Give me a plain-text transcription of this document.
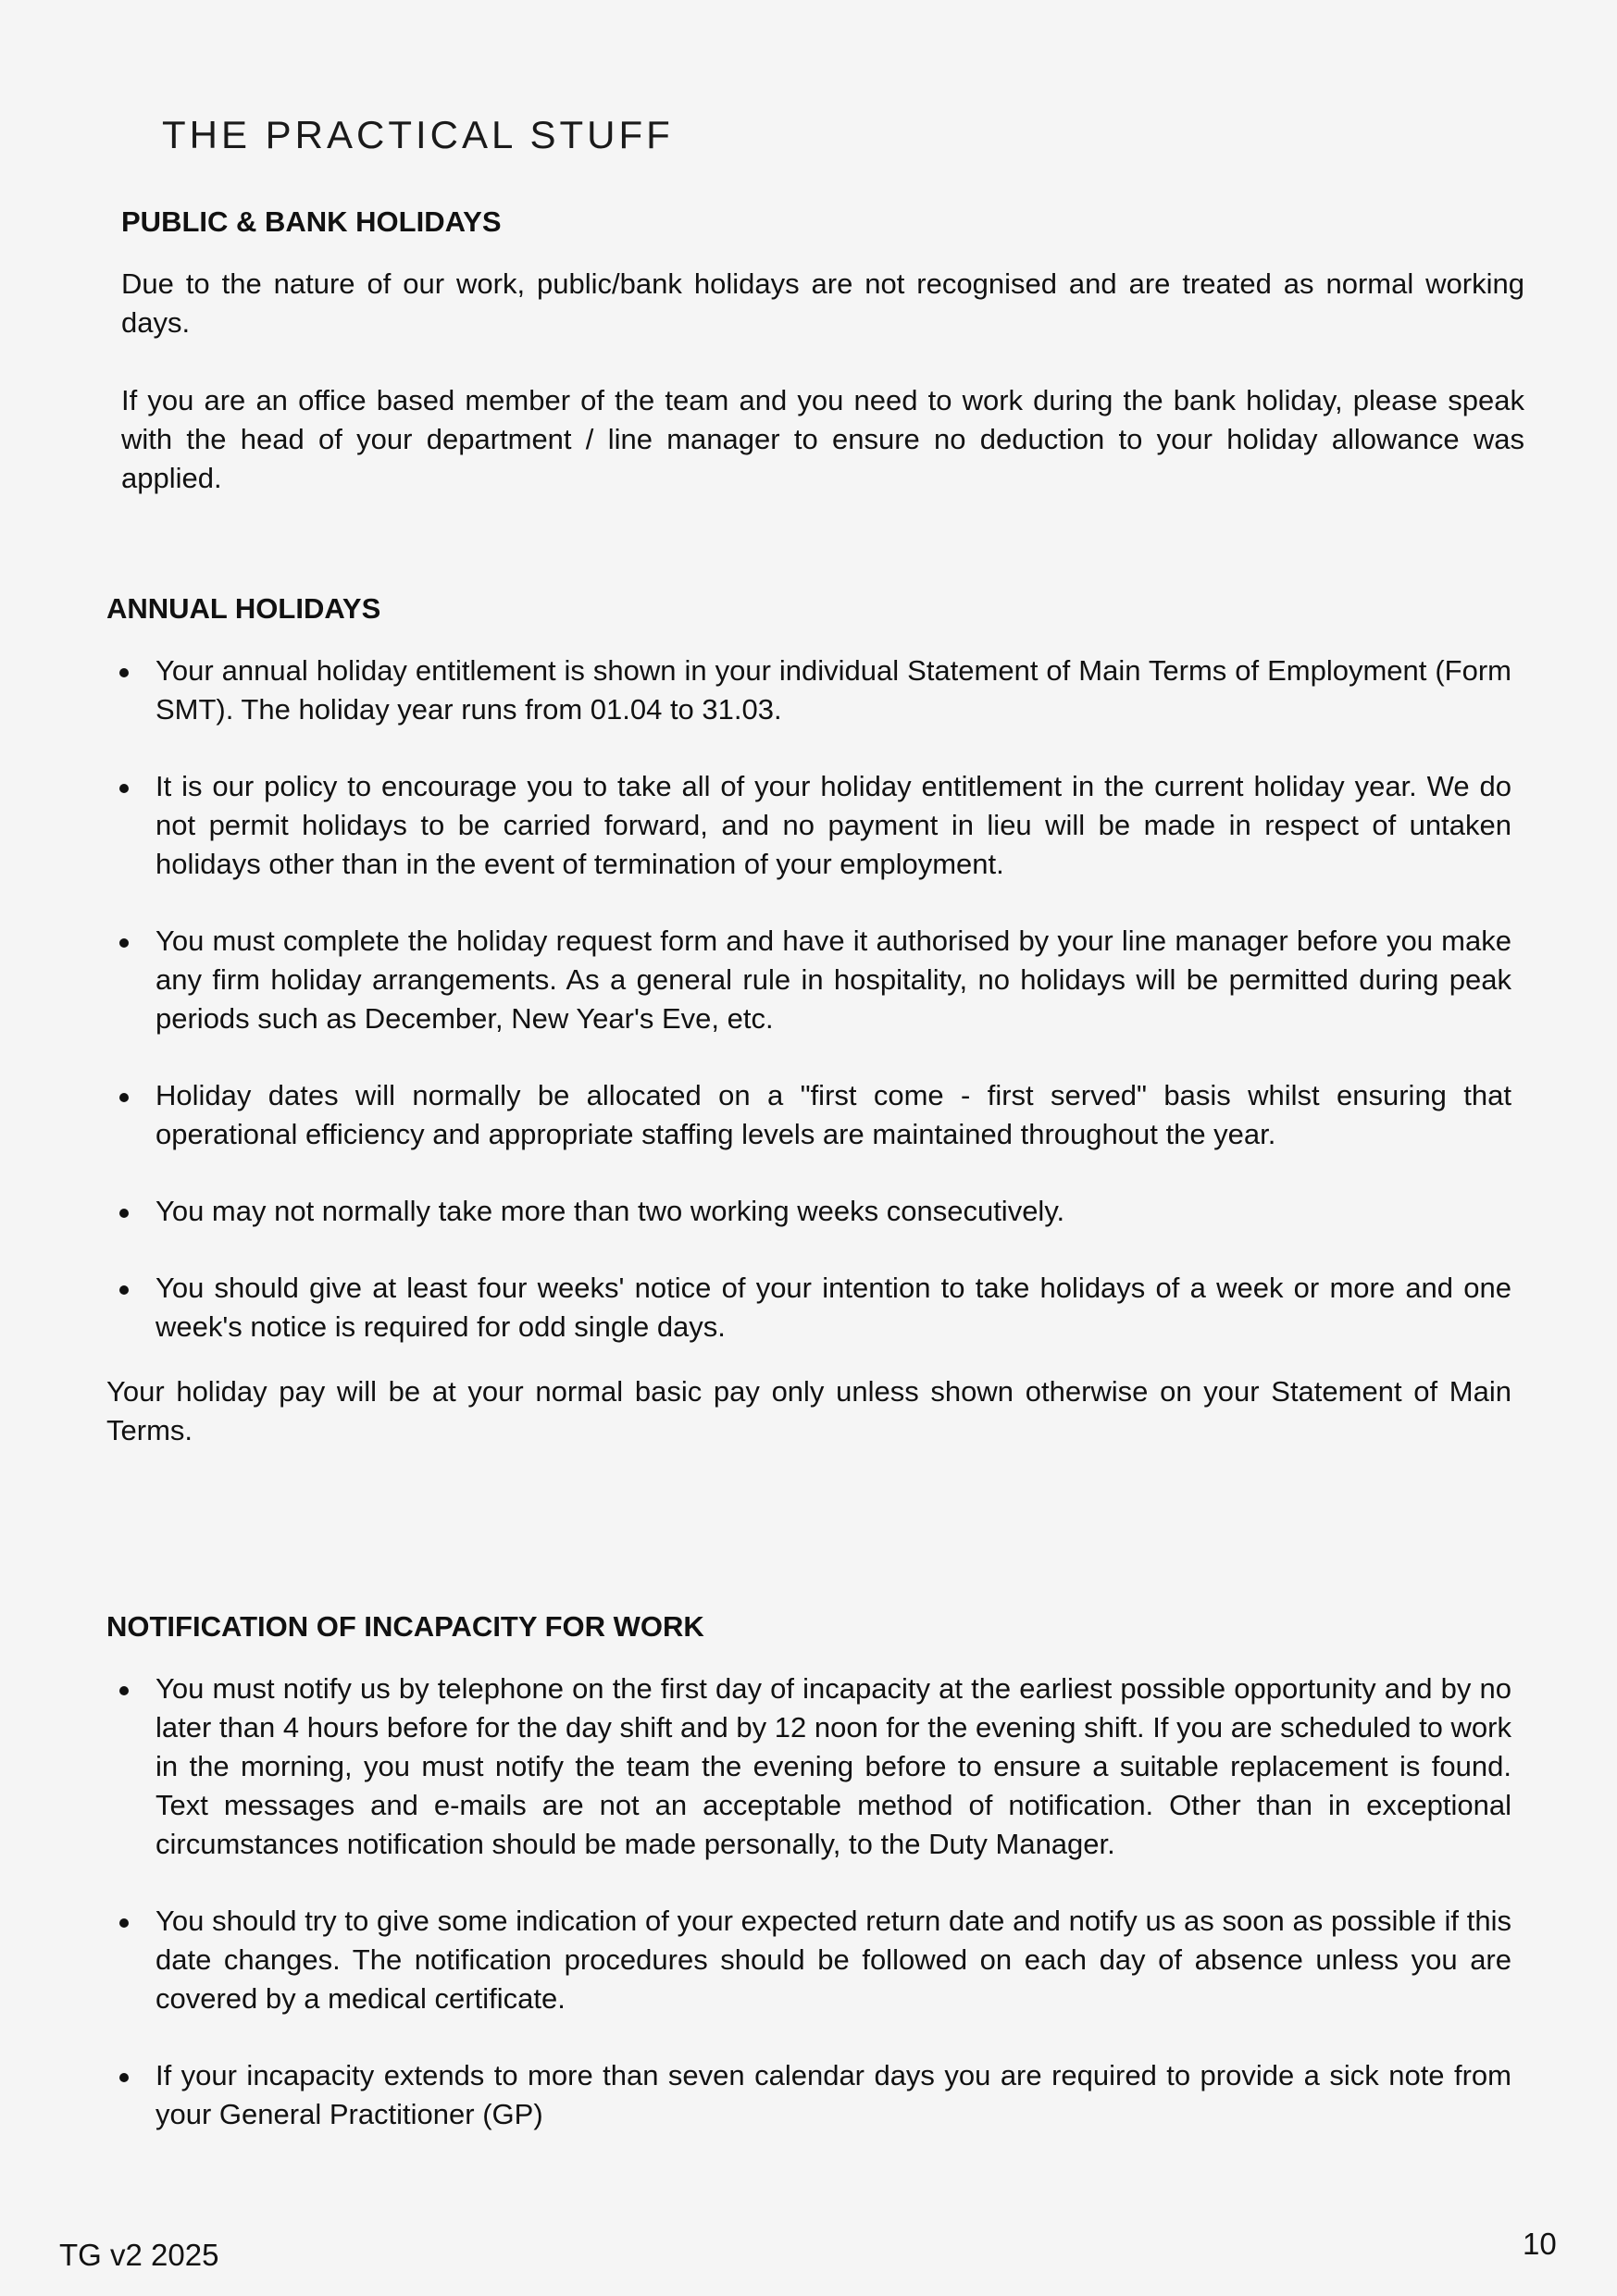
THE PRACTICAL STUFF
PUBLIC & BANK HOLIDAYS

Due to the nature of our work, public/bank holidays are not recognised and are treated as normal working days.

If you are an office based member of the team and you need to work during the bank holiday, please speak with the head of your department / line manager to ensure no deduction to your holiday allowance was applied.

ANNUAL HOLIDAYS
Your annual holiday entitlement is shown in your individual Statement of Main Terms of Employment (Form SMT). The holiday year runs from 01.04 to 31.03.
It is our policy to encourage you to take all of your holiday entitlement in the current holiday year. We do not permit holidays to be carried forward, and no payment in lieu will be made in respect of untaken holidays other than in the event of termination of your employment.
You must complete the holiday request form and have it authorised by your line manager before you make any firm holiday arrangements. As a general rule in hospitality, no holidays will be permitted during peak periods such as December, New Year's Eve, etc.
Holiday dates will normally be allocated on a "first come - first served" basis whilst ensuring that operational efficiency and appropriate staffing levels are maintained throughout the year.
You may not normally take more than two working weeks consecutively.
You should give at least four weeks' notice of your intention to take holidays of a week or more and one week's notice is required for odd single days.

Your holiday pay will be at your normal basic pay only unless shown otherwise on your Statement of Main Terms.

NOTIFICATION OF INCAPACITY FOR WORK
You must notify us by telephone on the first day of incapacity at the earliest possible opportunity and by no later than 4 hours before for the day shift and by 12 noon for the evening shift. If you are scheduled to work in the morning, you must notify the team the evening before to ensure a suitable replacement is found. Text messages and e-mails are not an acceptable method of notification. Other than in exceptional circumstances notification should be made personally, to the Duty Manager.
You should try to give some indication of your expected return date and notify us as soon as possible if this date changes. The notification procedures should be followed on each day of absence unless you are covered by a medical certificate.
If your incapacity extends to more than seven calendar days you are required to provide a sick note from your General Practitioner (GP)
TG v2 2025	10
